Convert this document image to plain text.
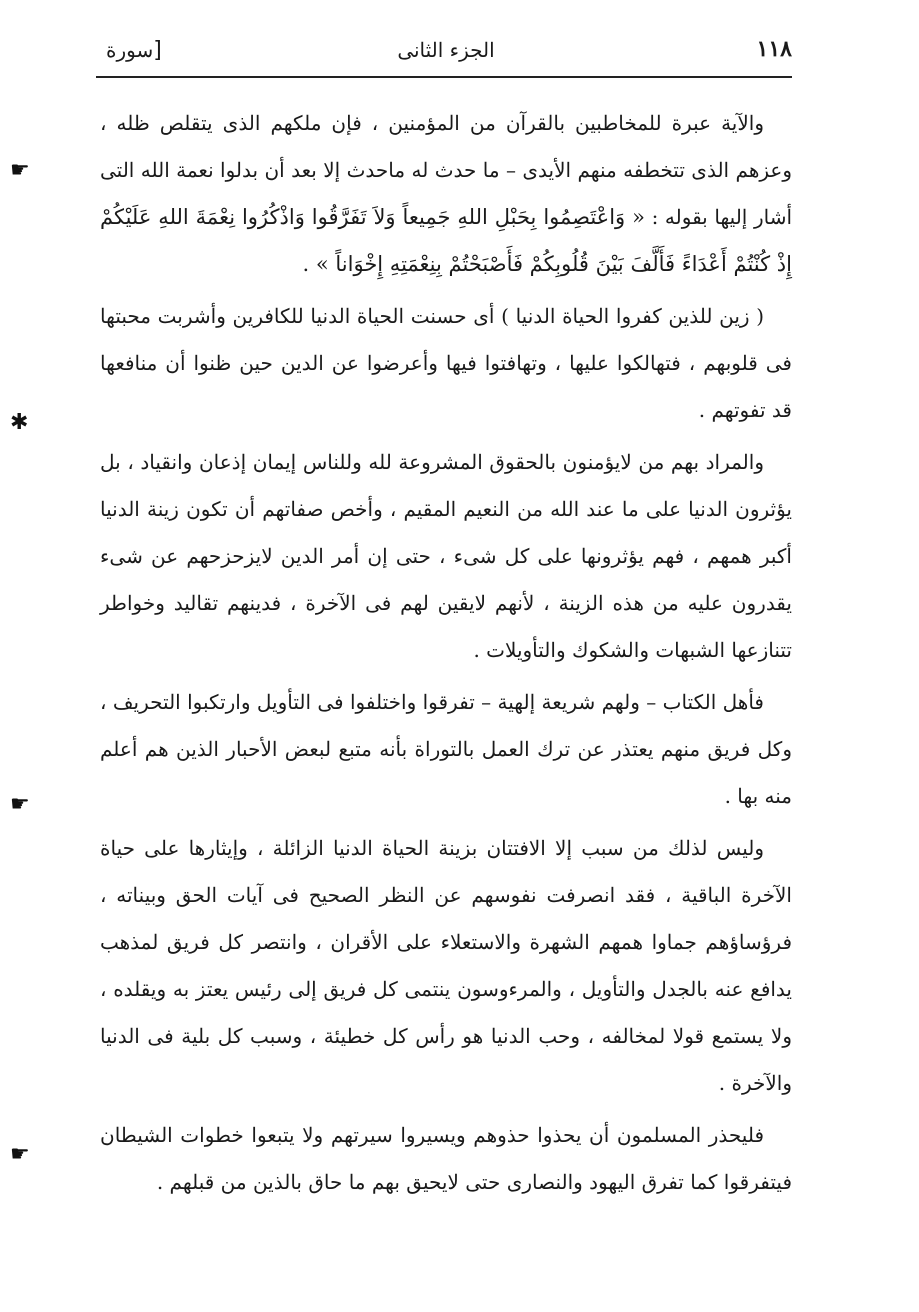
١١٨
الجزء الثانى
[سورة

والآية عبرة للمخاطبين بالقرآن من المؤمنين ، فإن ملكهم الذى يتقلص ظله ، وعزهم الذى تتخطفه منهم الأيدى – ما حدث له ماحدث إلا بعد أن بدلوا نعمة الله التى أشار إليها بقوله : « وَاعْتَصِمُوا بِحَبْلِ اللهِ جَمِيعاً وَلاَ تَفَرَّقُوا وَاذْكُرُوا نِعْمَةَ اللهِ عَلَيْكُمْ إِذْ كُنْتُمْ أَعْدَاءً فَأَلَّفَ بَيْنَ قُلُوبِكُمْ فَأَصْبَحْتُمْ بِنِعْمَتِهِ إِخْوَاناً » .

( زين للذين كفروا الحياة الدنيا ) أى حسنت الحياة الدنيا للكافرين وأشربت محبتها فى قلوبهم ، فتهالكوا عليها ، وتهافتوا فيها وأعرضوا عن الدين حين ظنوا أن منافعها قد تفوتهم .

والمراد بهم من لايؤمنون بالحقوق المشروعة لله وللناس إيمان إذعان وانقياد ، بل يؤثرون الدنيا على ما عند الله من النعيم المقيم ، وأخص صفاتهم أن تكون زينة الدنيا أكبر همهم ، فهم يؤثرونها على كل شىء ، حتى إن أمر الدين لايزحزحهم عن شىء يقدرون عليه من هذه الزينة ، لأنهم لايقين لهم فى الآخرة ، فدينهم تقاليد وخواطر تتنازعها الشبهات والشكوك والتأويلات .

فأهل الكتاب – ولهم شريعة إلهية – تفرقوا واختلفوا فى التأويل وارتكبوا التحريف ، وكل فريق منهم يعتذر عن ترك العمل بالتوراة بأنه متبع لبعض الأحبار الذين هم أعلم منه بها .

وليس لذلك من سبب إلا الافتتان بزينة الحياة الدنيا الزائلة ، وإيثارها على حياة الآخرة الباقية ، فقد انصرفت نفوسهم عن النظر الصحيح فى آيات الحق وبيناته ، فرؤساؤهم جماوا همهم الشهرة والاستعلاء على الأقران ، وانتصر كل فريق لمذهب يدافع عنه بالجدل والتأويل ، والمرءوسون ينتمى كل فريق إلى رئيس يعتز به ويقلده ، ولا يستمع قولا لمخالفه ، وحب الدنيا هو رأس كل خطيئة ، وسبب كل بلية فى الدنيا والآخرة .

فليحذر المسلمون أن يحذوا حذوهم ويسيروا سيرتهم ولا يتبعوا خطوات الشيطان فيتفرقوا كما تفرق اليهود والنصارى حتى لايحيق بهم ما حاق بالذين من قبلهم .

☛
✱
☛
☛
